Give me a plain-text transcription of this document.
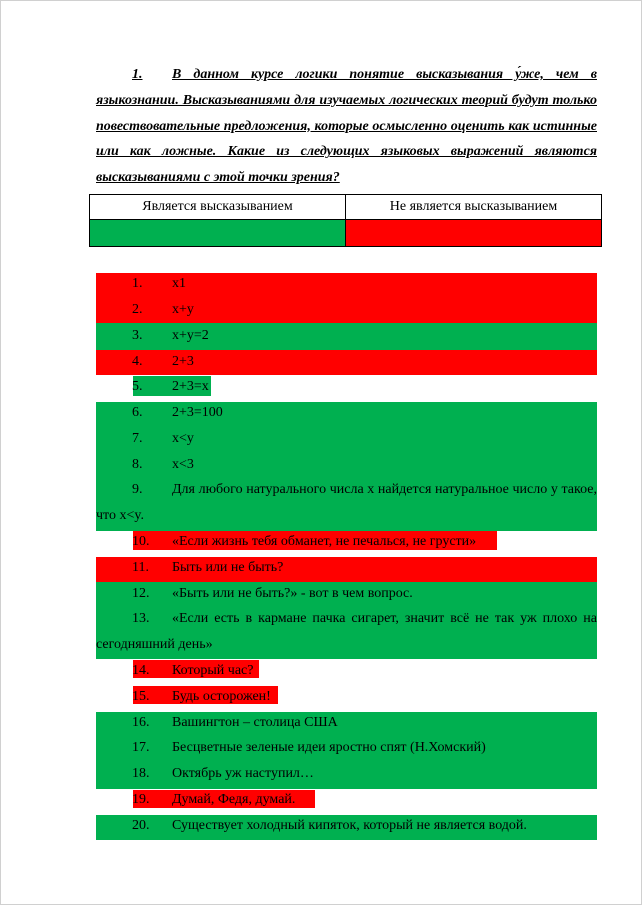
1. В данном курсе логики понятие высказывания у́же, чем в языкознании. Высказываниями для изучаемых логических теорий будут только повествовательные предложения, которые осмысленно оценить как истинные или как ложные. Какие из следующих языковых выражений являются высказываниями с этой точки зрения?
Является высказыванием	Не является высказыванием

1.	x1
2.	x+y
3.	x+y=2
4.	2+3
5.	2+3=x
6.	2+3=100
7.	x<y
8.	x<3
9. Для любого натурального числа x найдется натуральное число y такое, что x<y.
10.	«Если жизнь тебя обманет, не печалься, не грусти»
11.	Быть или не быть?
12.	«Быть или не быть?» - вот в чем вопрос.
13. «Если есть в кармане пачка сигарет, значит всё не так уж плохо на сегодняшний день»
14.	Который час?
15.	Будь осторожен!
16.	Вашингтон – столица США
17.	Бесцветные зеленые идеи яростно спят (Н.Хомский)
18.	Октябрь уж наступил…
19.	Думай, Федя, думай.
20.	Существует холодный кипяток, который не является водой.
